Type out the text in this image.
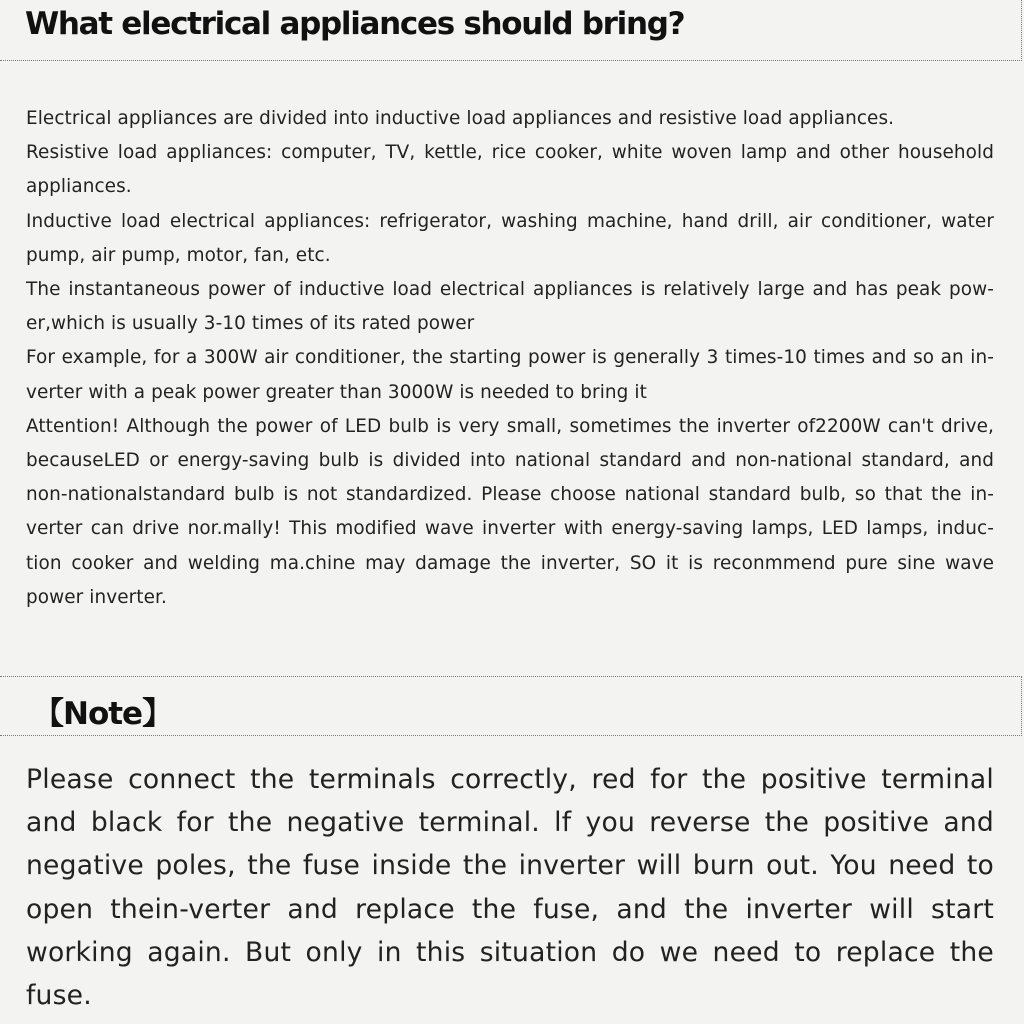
What electrical appliances should bring?

Electrical appliances are divided into inductive load appliances and resistive load appliances.

Resistive load appliances: computer, TV, kettle, rice cooker, white woven lamp and other household appliances.

Inductive load electrical appliances: refrigerator, washing machine, hand drill, air conditioner, water pump, air pump, motor, fan, etc.

The instantaneous power of inductive load electrical appliances is relatively large and has peak pow-er,which is usually 3-10 times of its rated power

For example, for a 300W air conditioner, the starting power is generally 3 times-10 times and so an in-verter with a peak power greater than 3000W is needed to bring it

Attention! Although the power of LED bulb is very small, sometimes the inverter of2200W can't drive, becauseLED or energy-saving bulb is divided into national standard and non-national standard, and non-nationalstandard bulb is not standardized. Please choose national standard bulb, so that the in-verter can drive nor.mally! This modified wave inverter with energy-saving lamps, LED lamps, induc-tion cooker and welding ma.chine may damage the inverter, SO it is reconmmend pure sine wave power inverter.

【Note】

Please connect the terminals correctly, red for the positive terminal and black for the negative terminal. lf you reverse the positive and negative poles, the fuse inside the inverter will burn out. You need to open thein-verter and replace the fuse, and the inverter will start working again. But only in this situation do we need to replace the fuse.
